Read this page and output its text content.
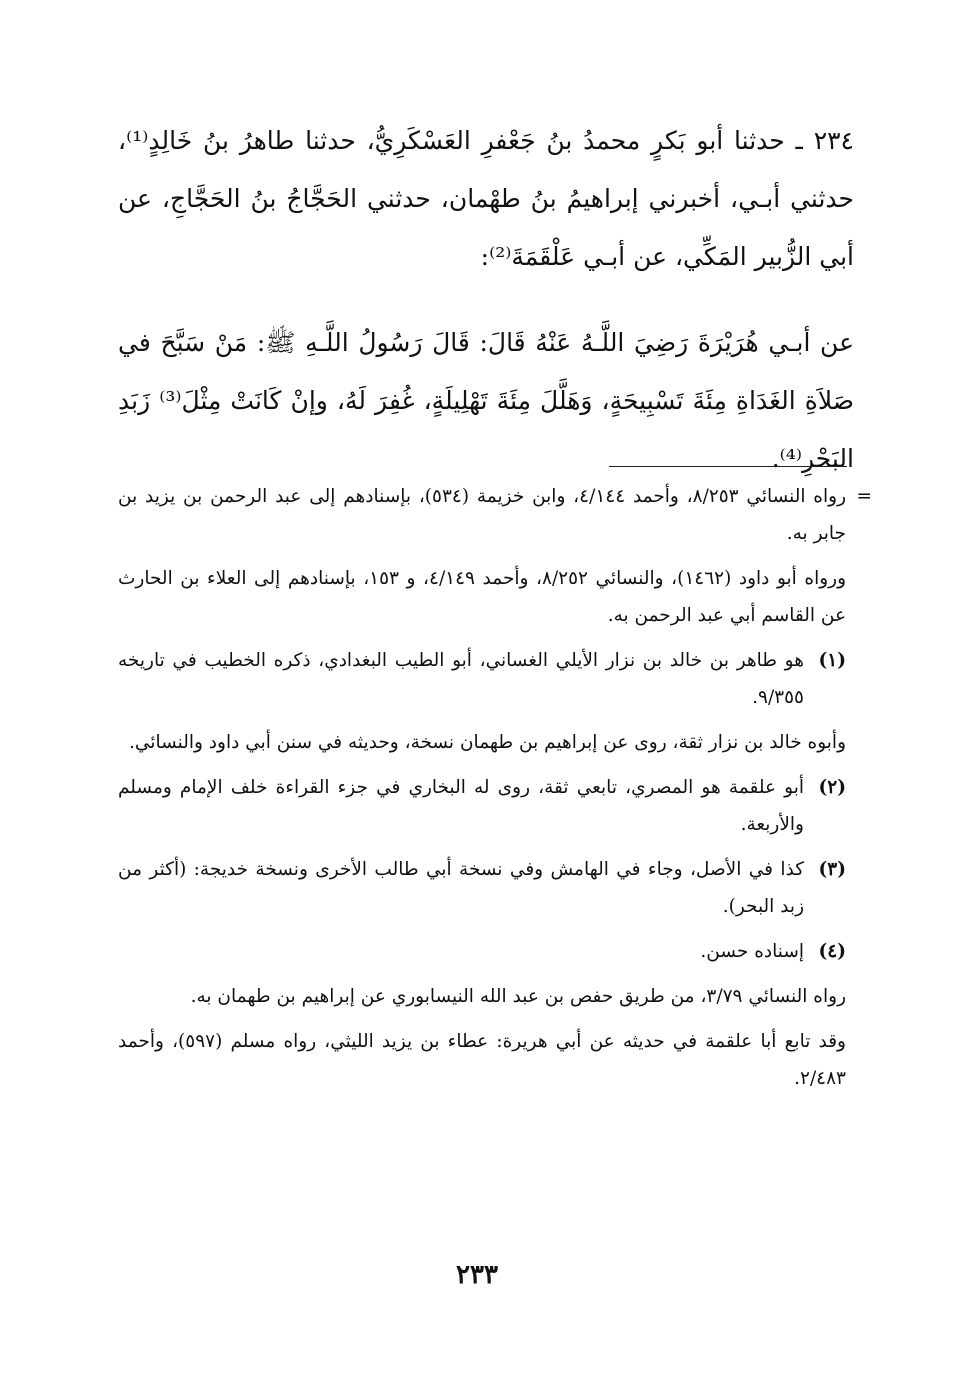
٢٣٤ ـ حدثنا أبو بَكرٍ محمدُ بنُ جَعْفرِ العَسْكَرِيُّ، حدثنا طاهرُ بنُ خَالِدٍ⁽¹⁾، حدثني أبـي، أخبرني إبراهيمُ بنُ طهْمان، حدثني الحَجَّاجُ بنُ الحَجَّاجِ، عن أبي الزُّبير المَكِّي، عن أبـي عَلْقَمَةَ⁽²⁾:

عن أبـي هُرَيْرَةَ رَضِيَ اللَّـهُ عَنْهُ قَالَ: قَالَ رَسُولُ اللَّـهِ ﷺ: مَنْ سَبَّحَ في صَلاَةِ الغَدَاةِ مِئَةَ تَسْبِيحَةٍ، وَهَلَّلَ مِئَةَ تَهْلِيلَةٍ، غُفِرَ لَهُ، وإنْ كَانَتْ مِثْلَ⁽³⁾ زَبَدِ البَحْرِ⁽⁴⁾.

=
رواه النسائي ٨/٢٥٣، وأحمد ٤/١٤٤، وابن خزيمة (٥٣٤)، بإسنادهم إلى عبد الرحمن بن يزيد بن جابر به.
ورواه أبو داود (١٤٦٢)، والنسائي ٨/٢٥٢، وأحمد ٤/١٤٩، و ١٥٣، بإسنادهم إلى العلاء بن الحارث عن القاسم أبي عبد الرحمن به.
(١)
هو طاهر بن خالد بن نزار الأيلي الغساني، أبو الطيب البغدادي، ذكره الخطيب في تاريخه ٩/٣٥٥.
وأبوه خالد بن نزار ثقة، روى عن إبراهيم بن طهمان نسخة، وحديثه في سنن أبي داود والنسائي.
(٢)
أبو علقمة هو المصري، تابعي ثقة، روى له البخاري في جزء القراءة خلف الإمام ومسلم والأربعة.
(٣)
كذا في الأصل، وجاء في الهامش وفي نسخة أبي طالب الأخرى ونسخة خديجة: (أكثر من زبد البحر).
(٤)
إسناده حسن.
رواه النسائي ٣/٧٩، من طريق حفص بن عبد الله النيسابوري عن إبراهيم بن طهمان به.
وقد تابع أبا علقمة في حديثه عن أبي هريرة: عطاء بن يزيد الليثي، رواه مسلم (٥٩٧)، وأحمد ٢/٤٨٣.
٢٣٣
